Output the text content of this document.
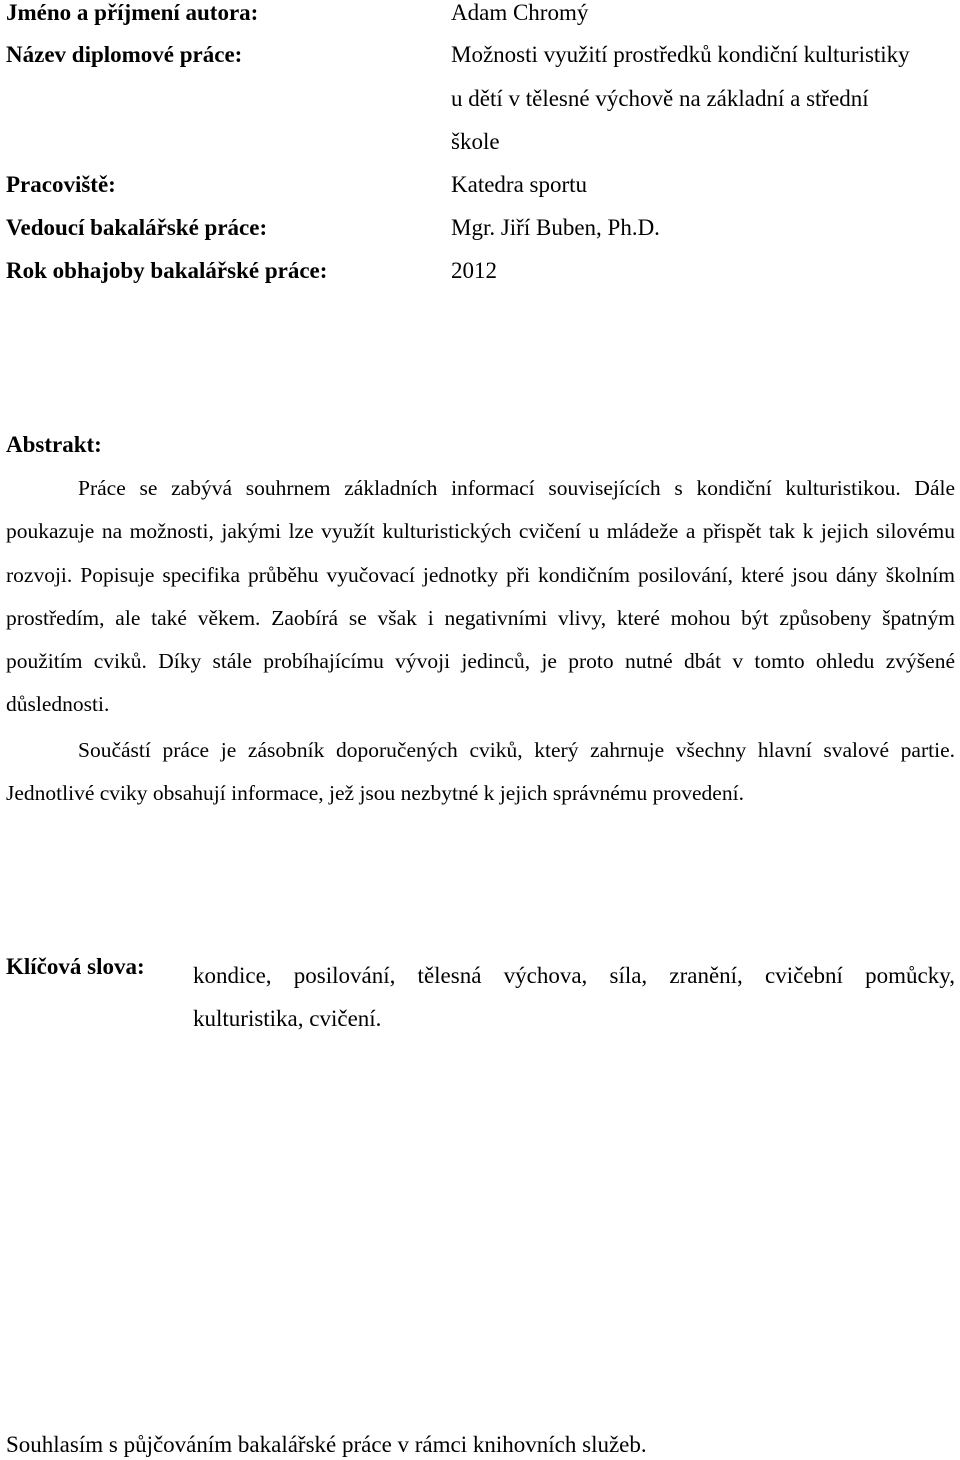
Jméno a příjmení autora:	Adam Chromý
Název diplomové práce:	Možnosti využití prostředků kondiční kulturistiky
u dětí v tělesné výchově na základní a střední
škole
Pracoviště:	Katedra sportu
Vedoucí bakalářské práce:	Mgr. Jiří Buben, Ph.D.
Rok obhajoby bakalářské práce:	2012
Abstrakt:
Práce se zabývá souhrnem základních informací souvisejících s kondiční kulturistikou. Dále poukazuje na možnosti, jakými lze využít kulturistických cvičení u mládeže a přispět tak k jejich silovému rozvoji. Popisuje specifika průběhu vyučovací jednotky při kondičním posilování, které jsou dány školním prostředím, ale také věkem. Zaobírá se však i negativními vlivy, které mohou být způsobeny špatným použitím cviků. Díky stále probíhajícímu vývoji jedinců, je proto nutné dbát v tomto ohledu zvýšené důslednosti.
Součástí práce je zásobník doporučených cviků, který zahrnuje všechny hlavní svalové partie. Jednotlivé cviky obsahují informace, jež jsou nezbytné k jejich správnému provedení.
Klíčová slova: kondice, posilování, tělesná výchova, síla, zranění, cvičební pomůcky, kulturistika, cvičení.
Souhlasím s půjčováním bakalářské práce v rámci knihovních služeb.
